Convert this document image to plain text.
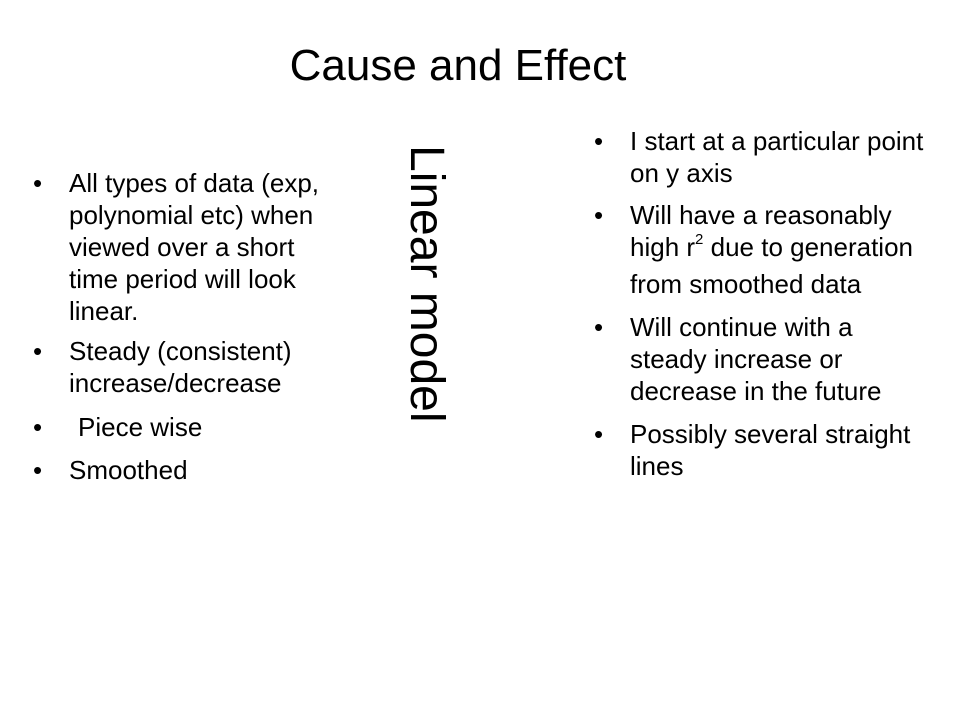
Cause and Effect
• All types of data (exp, polynomial etc) when viewed over a short time period will look linear.
• Steady (consistent) increase/decrease
• Piece wise
• Smoothed
Linear model
• I start at a particular point on y axis
• Will have a reasonably high $r^2$ due to generation from smoothed data
• Will continue with a steady increase or decrease in the future
• Possibly several straight lines
